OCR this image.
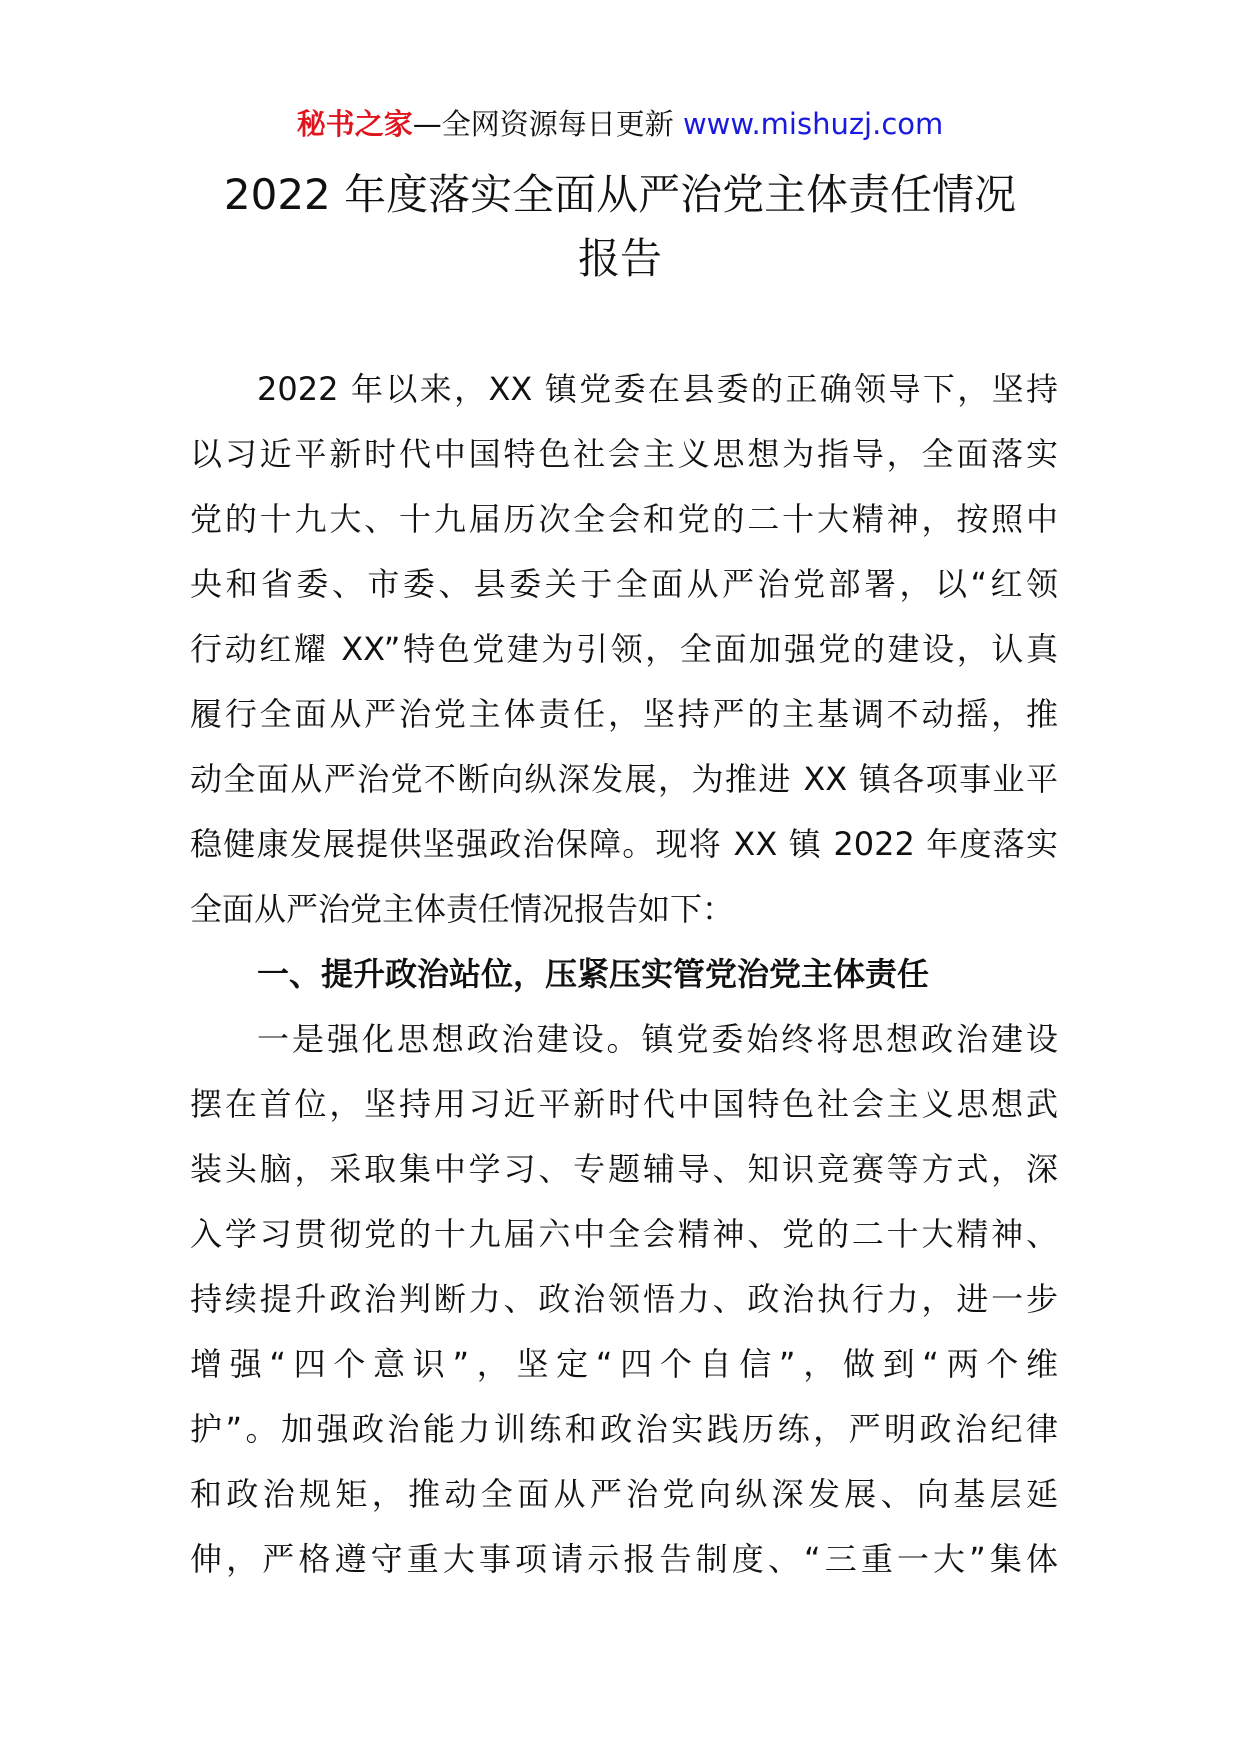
秘书之家—全网资源每日更新 www.mishuzj.com
2022 年度落实全面从严治党主体责任情况
报告
2022 年以来，XX 镇党委在县委的正确领导下，坚持
以习近平新时代中国特色社会主义思想为指导，全面落实
党的十九大、十九届历次全会和党的二十大精神，按照中
央和省委、市委、县委关于全面从严治党部署，以“红领
行动红耀 XX”特色党建为引领，全面加强党的建设，认真
履行全面从严治党主体责任，坚持严的主基调不动摇，推
动全面从严治党不断向纵深发展，为推进 XX 镇各项事业平
稳健康发展提供坚强政治保障。现将 XX 镇 2022 年度落实
全面从严治党主体责任情况报告如下：
一、提升政治站位，压紧压实管党治党主体责任
一是强化思想政治建设。镇党委始终将思想政治建设
摆在首位，坚持用习近平新时代中国特色社会主义思想武
装头脑，采取集中学习、专题辅导、知识竞赛等方式，深
入学习贯彻党的十九届六中全会精神、党的二十大精神、
持续提升政治判断力、政治领悟力、政治执行力，进一步
增强“四个意识”，坚定“四个自信”，做到“两个维
护”。加强政治能力训练和政治实践历练，严明政治纪律
和政治规矩，推动全面从严治党向纵深发展、向基层延
伸，严格遵守重大事项请示报告制度、“三重一大”集体
